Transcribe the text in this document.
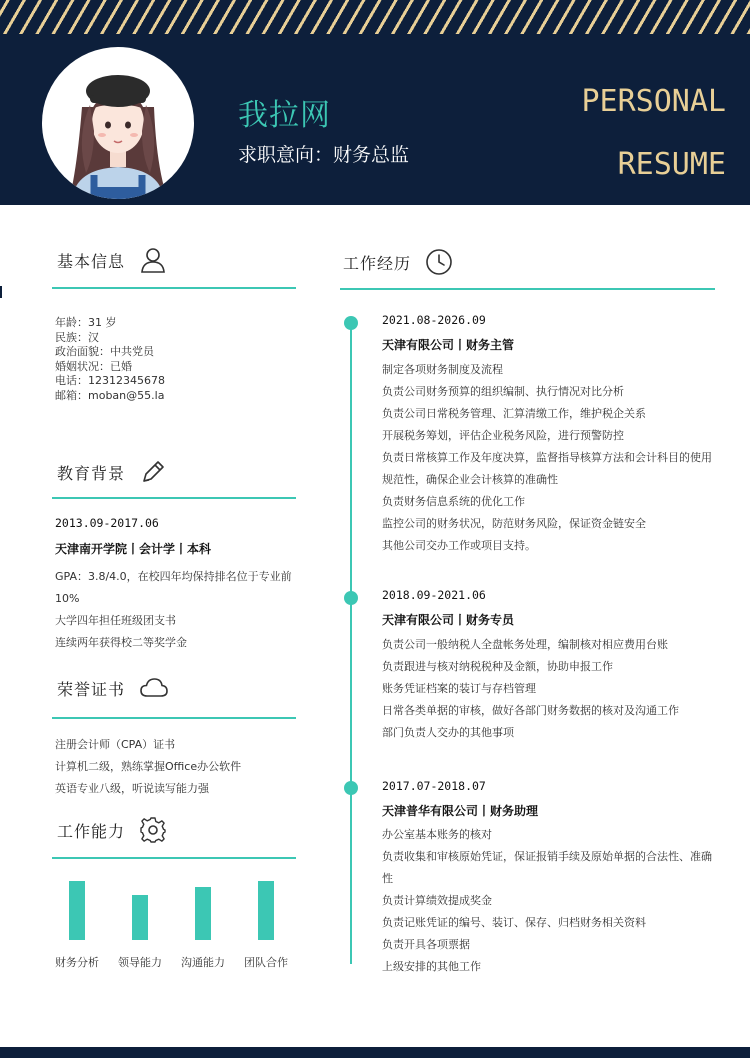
我拉网
求职意向：财务总监
PERSONAL
RESUME
基本信息
年龄：31 岁
民族：汉
政治面貌：中共党员
婚姻状况：已婚
电话：12312345678
邮箱：moban@55.la
教育背景
2013.09-2017.06
天津南开学院丨会计学丨本科
GPA：3.8/4.0，在校四年均保持排名位于专业前10%
大学四年担任班级团支书
连续两年获得校二等奖学金
荣誉证书
注册会计师（CPA）证书
计算机二级，熟练掌握Office办公软件
英语专业八级，听说读写能力强
工作能力
财务分析	领导能力	沟通能力	团队合作
工作经历
2021.08-2026.09
天津有限公司丨财务主管
制定各项财务制度及流程
负责公司财务预算的组织编制、执行情况对比分析
负责公司日常税务管理、汇算清缴工作，维护税企关系
开展税务筹划，评估企业税务风险，进行预警防控
负责日常核算工作及年度决算，监督指导核算方法和会计科目的使用规范性，确保企业会计核算的准确性
负责财务信息系统的优化工作
监控公司的财务状况，防范财务风险，保证资金链安全
其他公司交办工作或项目支持。
2018.09-2021.06
天津有限公司丨财务专员
负责公司一般纳税人全盘帐务处理，编制核对相应费用台账
负责跟进与核对纳税税种及金额，协助申报工作
账务凭证档案的装订与存档管理
日常各类单据的审核，做好各部门财务数据的核对及沟通工作
部门负责人交办的其他事项
2017.07-2018.07
天津普华有限公司丨财务助理
办公室基本账务的核对
负责收集和审核原始凭证，保证报销手续及原始单据的合法性、准确性
负责计算绩效提成奖金
负责记账凭证的编号、装订、保存、归档财务相关资料
负责开具各项票据
上级安排的其他工作
